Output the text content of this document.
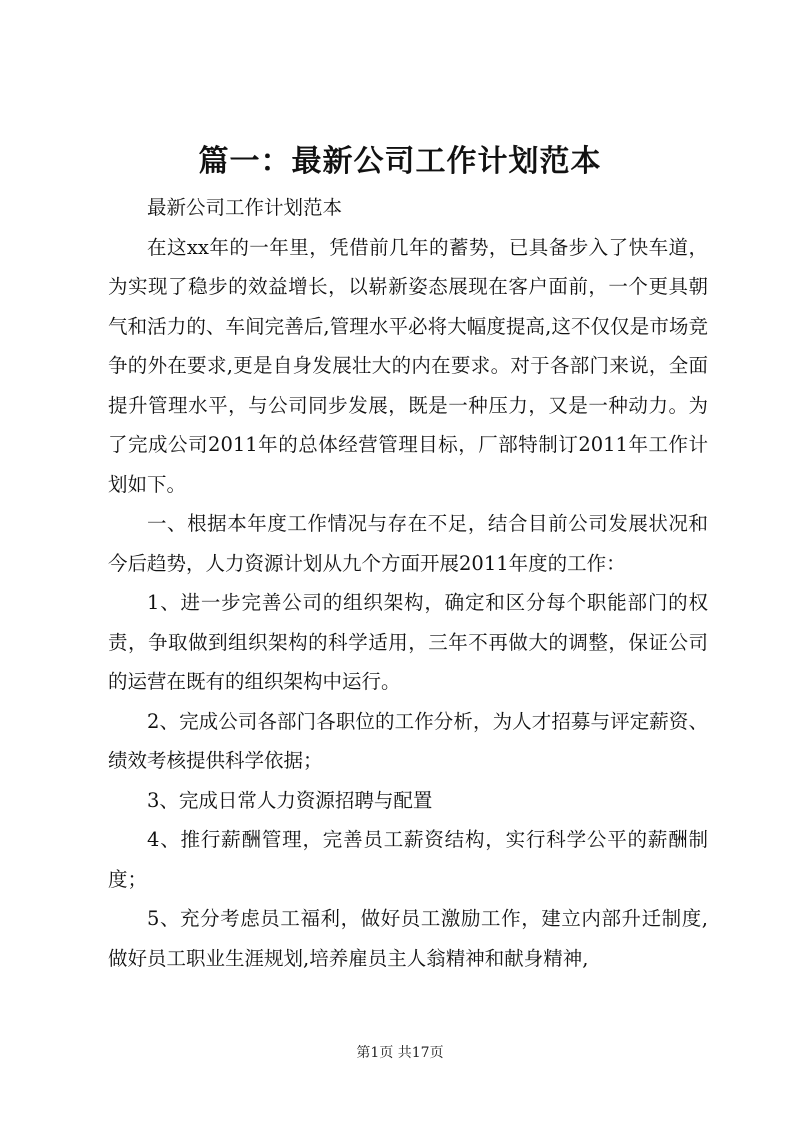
篇一：最新公司工作计划范本

最新公司工作计划范本

在这xx年的一年里，凭借前几年的蓄势，已具备步入了快车道，为实现了稳步的效益增长，以崭新姿态展现在客户面前，一个更具朝气和活力的、车间完善后,管理水平必将大幅度提高,这不仅仅是市场竞争的外在要求,更是自身发展壮大的内在要求。对于各部门来说，全面提升管理水平，与公司同步发展，既是一种压力，又是一种动力。为了完成公司2011年的总体经营管理目标，厂部特制订2011年工作计划如下。

一、根据本年度工作情况与存在不足，结合目前公司发展状况和今后趋势，人力资源计划从九个方面开展2011年度的工作：

1、进一步完善公司的组织架构，确定和区分每个职能部门的权责，争取做到组织架构的科学适用，三年不再做大的调整，保证公司的运营在既有的组织架构中运行。

2、完成公司各部门各职位的工作分析，为人才招募与评定薪资、绩效考核提供科学依据；

3、完成日常人力资源招聘与配置

4、推行薪酬管理，完善员工薪资结构，实行科学公平的薪酬制度；

5、充分考虑员工福利，做好员工激励工作，建立内部升迁制度,做好员工职业生涯规划,培养雇员主人翁精神和献身精神,

第1页 共17页
